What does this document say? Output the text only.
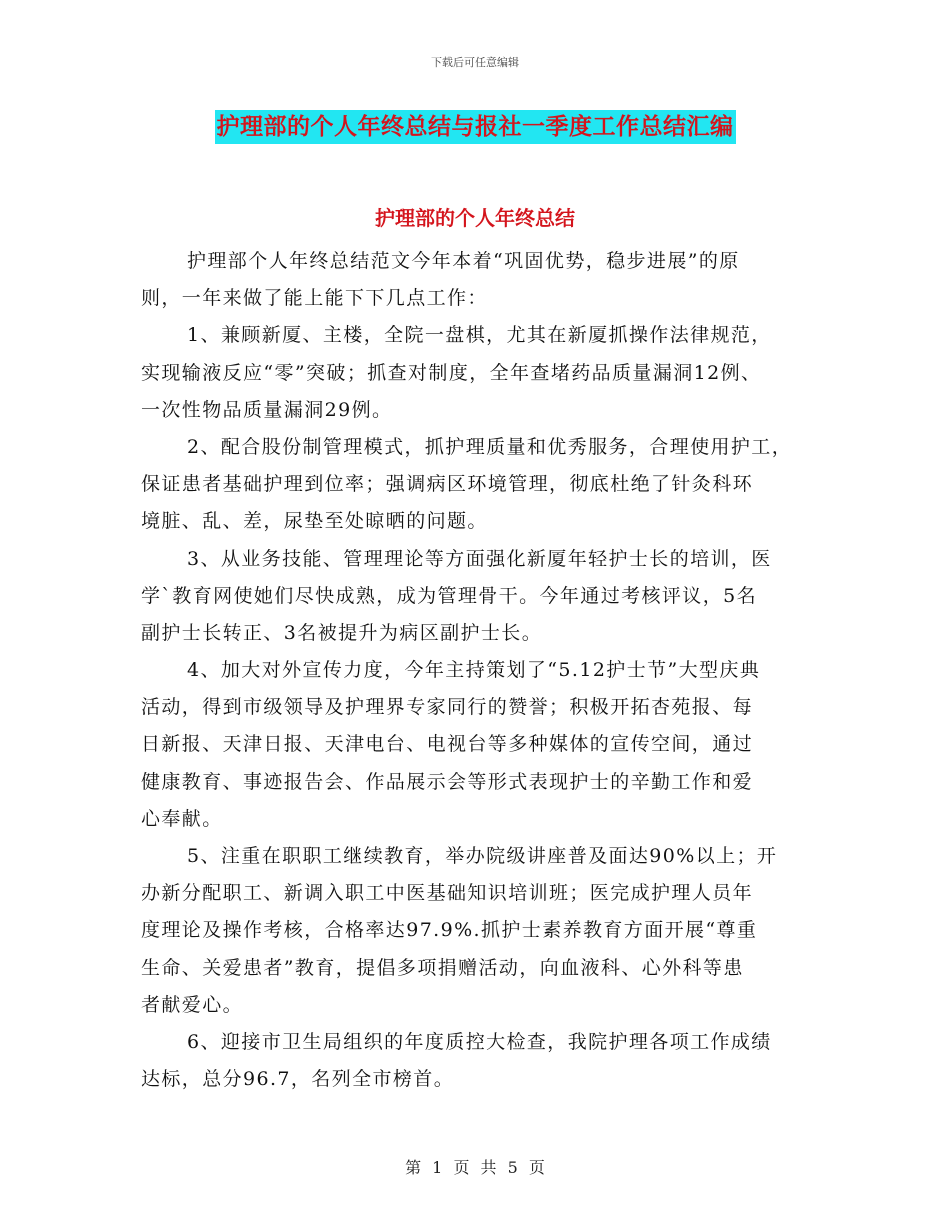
下载后可任意编辑
护理部的个人年终总结与报社一季度工作总结汇编
护理部的个人年终总结
护理部个人年终总结范文今年本着“巩固优势，稳步进展”的原
则，一年来做了能上能下下几点工作：
1、兼顾新厦、主楼，全院一盘棋，尤其在新厦抓操作法律规范，
实现输液反应“零”突破；抓查对制度，全年查堵药品质量漏洞12例、
一次性物品质量漏洞29例。
2、配合股份制管理模式，抓护理质量和优秀服务，合理使用护工，
保证患者基础护理到位率；强调病区环境管理，彻底杜绝了针灸科环
境脏、乱、差，尿垫至处晾晒的问题。
3、从业务技能、管理理论等方面强化新厦年轻护士长的培训，医
学`教育网使她们尽快成熟，成为管理骨干。今年通过考核评议，5名
副护士长转正、3名被提升为病区副护士长。
4、加大对外宣传力度，今年主持策划了“5.12护士节”大型庆典
活动，得到市级领导及护理界专家同行的赞誉；积极开拓杏苑报、每
日新报、天津日报、天津电台、电视台等多种媒体的宣传空间，通过
健康教育、事迹报告会、作品展示会等形式表现护士的辛勤工作和爱
心奉献。
5、注重在职职工继续教育，举办院级讲座普及面达90%以上；开
办新分配职工、新调入职工中医基础知识培训班；医完成护理人员年
度理论及操作考核，合格率达97.9%.抓护士素养教育方面开展“尊重
生命、关爱患者”教育，提倡多项捐赠活动，向血液科、心外科等患
者献爱心。
6、迎接市卫生局组织的年度质控大检查，我院护理各项工作成绩
达标，总分96.7，名列全市榜首。
第 1 页 共 5 页
